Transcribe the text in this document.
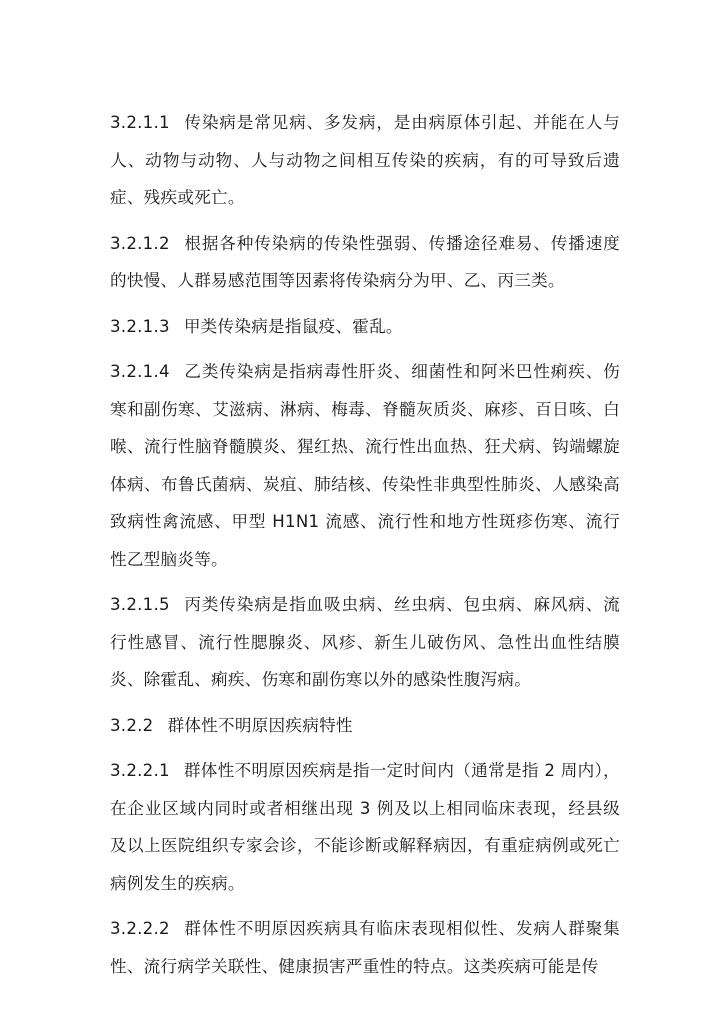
3.2.1.1 传染病是常见病、多发病，是由病原体引起、并能在人与人、动物与动物、人与动物之间相互传染的疾病，有的可导致后遗症、残疾或死亡。

3.2.1.2 根据各种传染病的传染性强弱、传播途径难易、传播速度的快慢、人群易感范围等因素将传染病分为甲、乙、丙三类。

3.2.1.3 甲类传染病是指鼠疫、霍乱。

3.2.1.4 乙类传染病是指病毒性肝炎、细菌性和阿米巴性痢疾、伤寒和副伤寒、艾滋病、淋病、梅毒、脊髓灰质炎、麻疹、百日咳、白喉、流行性脑脊髓膜炎、猩红热、流行性出血热、狂犬病、钩端螺旋体病、布鲁氏菌病、炭疽、肺结核、传染性非典型性肺炎、人感染高致病性禽流感、甲型 H1N1 流感、流行性和地方性斑疹伤寒、流行性乙型脑炎等。

3.2.1.5 丙类传染病是指血吸虫病、丝虫病、包虫病、麻风病、流行性感冒、流行性腮腺炎、风疹、新生儿破伤风、急性出血性结膜炎、除霍乱、痢疾、伤寒和副伤寒以外的感染性腹泻病。

3.2.2 群体性不明原因疾病特性

3.2.2.1 群体性不明原因疾病是指一定时间内（通常是指 2 周内），在企业区域内同时或者相继出现 3 例及以上相同临床表现，经县级及以上医院组织专家会诊，不能诊断或解释病因，有重症病例或死亡病例发生的疾病。

3.2.2.2 群体性不明原因疾病具有临床表现相似性、发病人群聚集性、流行病学关联性、健康损害严重性的特点。这类疾病可能是传
